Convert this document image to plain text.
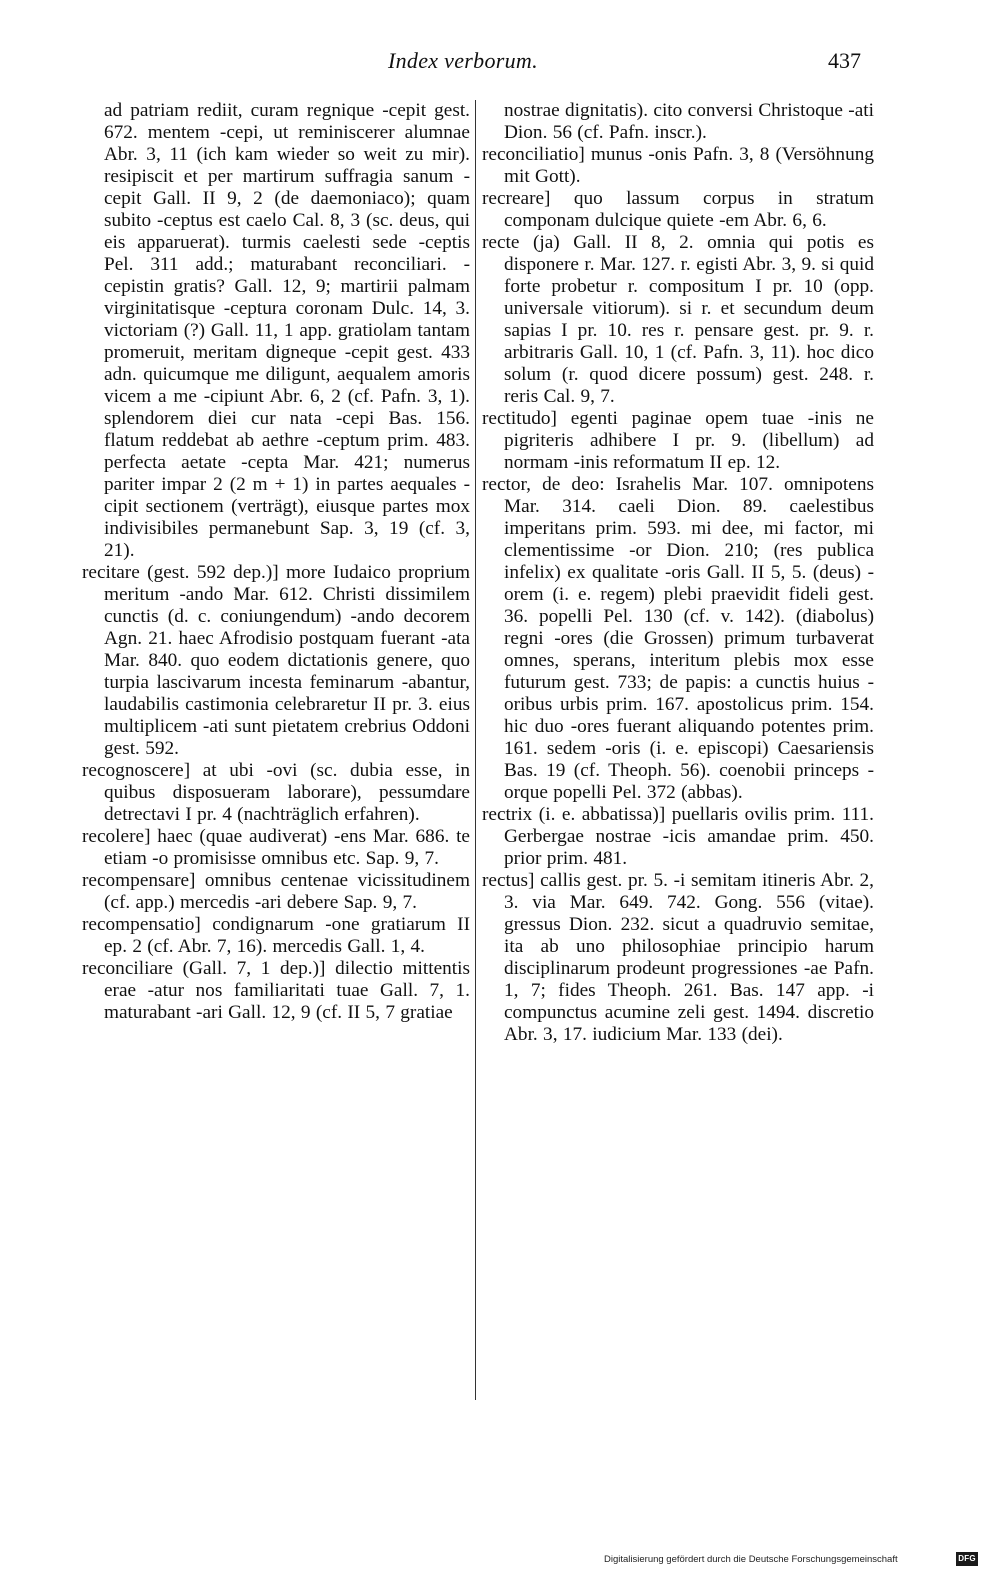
Index verborum.	437

ad patriam rediit, curam regnique -cepit gest. 672. mentem -cepi, ut reminiscerer alumnae Abr. 3, 11 (ich kam wieder so weit zu mir). resipiscit et per martirum suffragia sanum -cepit Gall. II 9, 2 (de daemoniaco); quam subito -ceptus est caelo Cal. 8, 3 (sc. deus, qui eis apparuerat). turmis caelesti sede -ceptis Pel. 311 add.; maturabant reconciliari. -cepistin gratis? Gall. 12, 9; martirii palmam virginitatisque -ceptura coronam Dulc. 14, 3. victoriam (?) Gall. 11, 1 app. gratiolam tantam promeruit, meritam digneque -cepit gest. 433 adn. quicumque me diligunt, aequalem amoris vicem a me -cipiunt Abr. 6, 2 (cf. Pafn. 3, 1). splendorem diei cur nata -cepi Bas. 156. flatum reddebat ab aethre -ceptum prim. 483. perfecta aetate -cepta Mar. 421; numerus pariter impar 2 (2 m + 1) in partes aequales -cipit sectionem (verträgt), eiusque partes mox indivisibiles permanebunt Sap. 3, 19 (cf. 3, 21).

recitare (gest. 592 dep.)] more Iudaico proprium meritum -ando Mar. 612. Christi dissimilem cunctis (d. c. coniungendum) -ando decorem Agn. 21. haec Afrodisio postquam fuerant -ata Mar. 840. quo eodem dictationis genere, quo turpia lascivarum incesta feminarum -abantur, laudabilis castimonia celebraretur II pr. 3. eius multiplicem -ati sunt pietatem crebrius Oddoni gest. 592.

recognoscere] at ubi -ovi (sc. dubia esse, in quibus disposueram laborare), pessumdare detrectavi I pr. 4 (nachträglich erfahren).

recolere] haec (quae audiverat) -ens Mar. 686. te etiam -o promisisse omnibus etc. Sap. 9, 7.

recompensare] omnibus centenae vicissitudinem (cf. app.) mercedis -ari debere Sap. 9, 7.

recompensatio] condignarum -one gratiarum II ep. 2 (cf. Abr. 7, 16). mercedis Gall. 1, 4.

reconciliare (Gall. 7, 1 dep.)] dilectio mittentis erae -atur nos familiaritati tuae Gall. 7, 1. maturabant -ari Gall. 12, 9 (cf. II 5, 7 gratiae

nostrae dignitatis). cito conversi Christoque -ati Dion. 56 (cf. Pafn. inscr.).

reconciliatio] munus -onis Pafn. 3, 8 (Versöhnung mit Gott).

recreare] quo lassum corpus in stratum componam dulcique quiete -em Abr. 6, 6.

recte (ja) Gall. II 8, 2. omnia qui potis es disponere r. Mar. 127. r. egisti Abr. 3, 9. si quid forte probetur r. compositum I pr. 10 (opp. universale vitiorum). si r. et secundum deum sapias I pr. 10. res r. pensare gest. pr. 9. r. arbitraris Gall. 10, 1 (cf. Pafn. 3, 11). hoc dico solum (r. quod dicere possum) gest. 248. r. reris Cal. 9, 7.

rectitudo] egenti paginae opem tuae -inis ne pigriteris adhibere I pr. 9. (libellum) ad normam -inis reformatum II ep. 12.

rector, de deo: Israhelis Mar. 107. omnipotens Mar. 314. caeli Dion. 89. caelestibus imperitans prim. 593. mi dee, mi factor, mi clementissime -or Dion. 210; (res publica infelix) ex qualitate -oris Gall. II 5, 5. (deus) -orem (i. e. regem) plebi praevidit fideli gest. 36. popelli Pel. 130 (cf. v. 142). (diabolus) regni -ores (die Grossen) primum turbaverat omnes, sperans, interitum plebis mox esse futurum gest. 733; de papis: a cunctis huius -oribus urbis prim. 167. apostolicus prim. 154. hic duo -ores fuerant aliquando potentes prim. 161. sedem -oris (i. e. episcopi) Caesariensis Bas. 19 (cf. Theoph. 56). coenobii princeps -orque popelli Pel. 372 (abbas).

rectrix (i. e. abbatissa)] puellaris ovilis prim. 111. Gerbergae nostrae -icis amandae prim. 450. prior prim. 481.

rectus] callis gest. pr. 5. -i semitam itineris Abr. 2, 3. via Mar. 649. 742. Gong. 556 (vitae). gressus Dion. 232. sicut a quadruvio semitae, ita ab uno philosophiae principio harum disciplinarum prodeunt progressiones -ae Pafn. 1, 7; fides Theoph. 261. Bas. 147 app. -i compunctus acumine zeli gest. 1494. discretio Abr. 3, 17. iudicium Mar. 133 (dei).

Digitalisierung gefördert durch die Deutsche Forschungsgemeinschaft	DFG
